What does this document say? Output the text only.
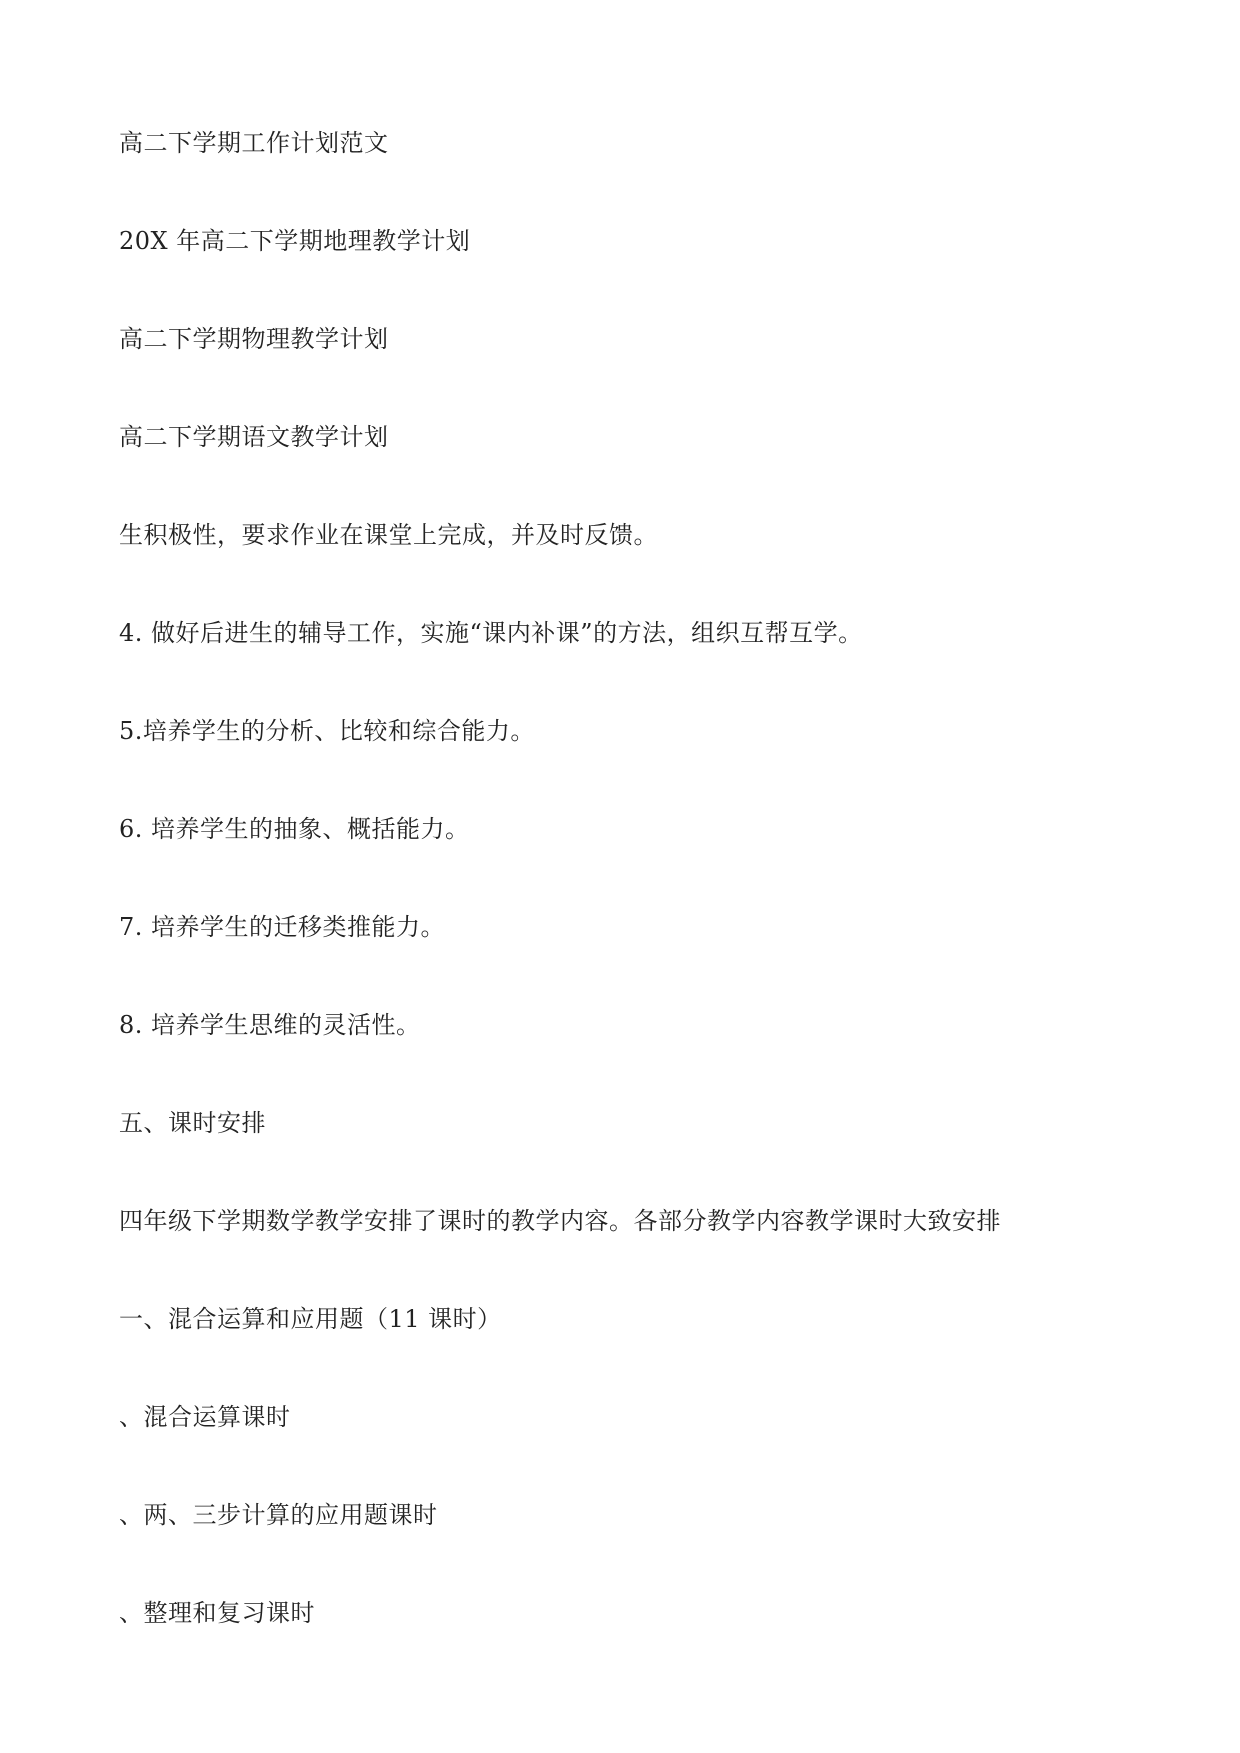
高二下学期工作计划范文
20X 年高二下学期地理教学计划
高二下学期物理教学计划
高二下学期语文教学计划
生积极性，要求作业在课堂上完成，并及时反馈。
4. 做好后进生的辅导工作，实施“课内补课”的方法，组织互帮互学。
5.培养学生的分析、比较和综合能力。
6. 培养学生的抽象、概括能力。
7. 培养学生的迁移类推能力。
8. 培养学生思维的灵活性。
五、课时安排
四年级下学期数学教学安排了课时的教学内容。各部分教学内容教学课时大致安排
一、混合运算和应用题（11 课时）
、混合运算课时
、两、三步计算的应用题课时
、整理和复习课时
